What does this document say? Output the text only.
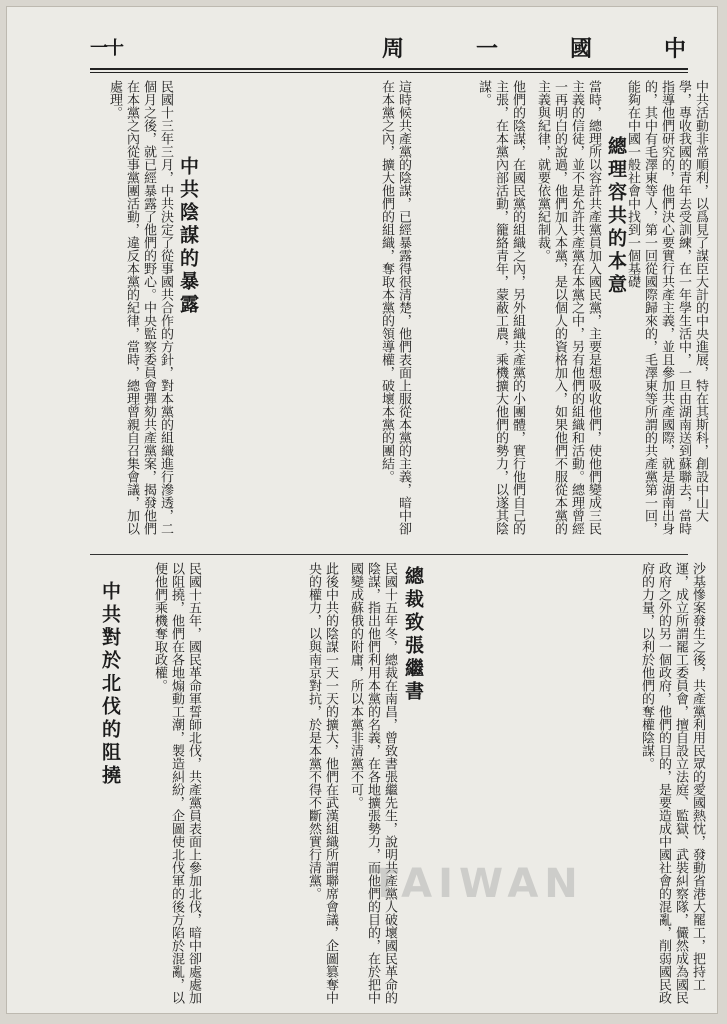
一十	周	一	國	中

中共活動非常順利，以爲見了謀臣大計的中央進展，特在其斯科，創設中山大學，專收我國的青年去受訓練，在一年學生活中，一旦由湖南送到蘇聯去，當時指導他們研究的，他們決心要實行共產主義，並且參加共產國際，就是湖南出身的，其中有毛澤東等人，第一回從國際歸來的，毛澤東等所謂的共產黨第一回，能夠在中國一般社會中找到一個基礎

總理容共的本意

當時，總理所以容許共產黨員加入國民黨，主要是想吸收他們，使他們變成三民主義的信徒，並不是允許共產黨在本黨之中，另有他們的組織和活動。總理曾經一再明白的說過，他們加入本黨，是以個人的資格加入，如果他們不服從本黨的主義與紀律，就要依黨紀制裁。

他們的陰謀，在國民黨的組織之內，另外組織共產黨的小團體，實行他們自己的主張，在本黨內部活動，籠絡青年，蒙蔽工農，乘機擴大他們的勢力，以遂其陰謀。

這時候共產黨的陰謀，已經暴露得很清楚，他們表面上服從本黨的主義，暗中卻在本黨之內，擴大他們的組織，奪取本黨的領導權，破壞本黨的團結。

中共陰謀的暴露

民國十三年三月，中共決定了從事國共合作的方針，對本黨的組織進行滲透，二個月之後，就已經暴露了他們的野心。中央監察委員會彈劾共產黨案，揭發他們在本黨之內從事黨團活動，違反本黨的紀律，當時，總理曾親自召集會議，加以處理。

沙基慘案發生之後，共產黨利用民眾的愛國熱忱，發動省港大罷工，把持工運，成立所謂罷工委員會，擅自設立法庭、監獄、武裝糾察隊，儼然成為國民政府之外的另一個政府，他們的目的，是要造成中國社會的混亂，削弱國民政府的力量，以利於他們的奪權陰謀。

總裁致張繼書

民國十五年冬，總裁在南昌，曾致書張繼先生，說明共產黨人破壞國民革命的陰謀，指出他們利用本黨的名義，在各地擴張勢力，而他們的目的，在於把中國變成蘇俄的附庸，所以本黨非清黨不可。

此後中共的陰謀一天一天的擴大，他們在武漢組織所謂聯席會議，企圖篡奪中央的權力，以與南京對抗，於是本黨不得不斷然實行清黨。

民國十五年，國民革命軍誓師北伐，共產黨員表面上參加北伐，暗中卻處處加以阻撓，他們在各地煽動工潮，製造糾紛，企圖使北伐軍的後方陷於混亂，以便他們乘機奪取政權。

中共對於北伐的阻撓
TAIWAN
